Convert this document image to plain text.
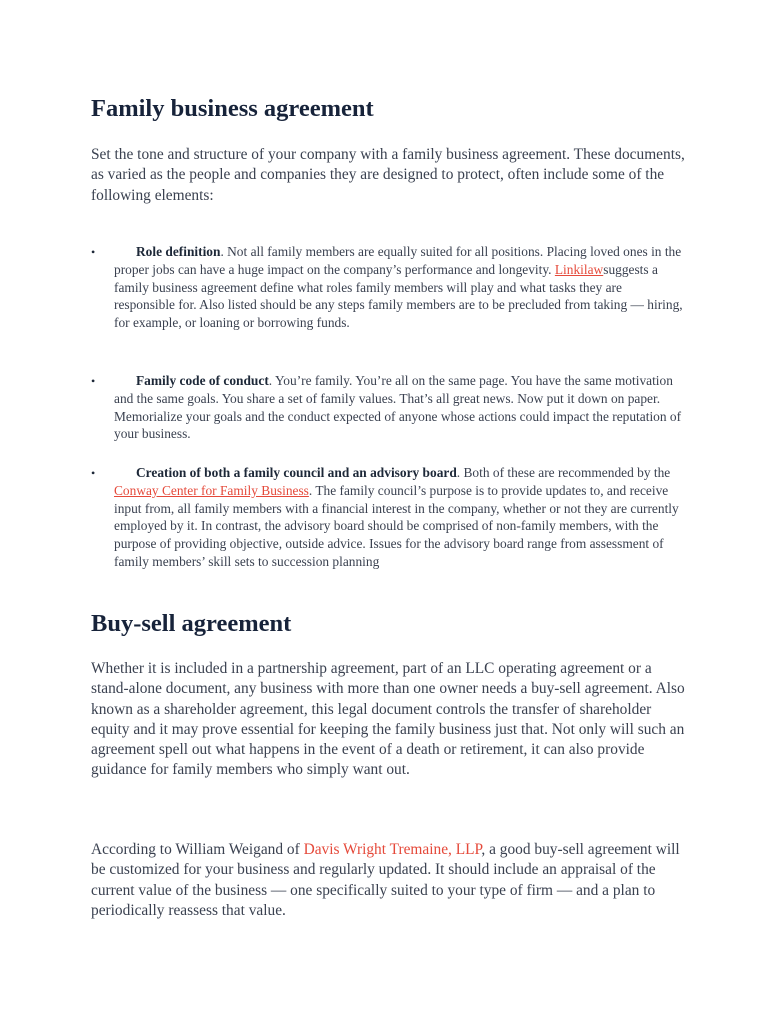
Family business agreement

Set the tone and structure of your company with a family business agreement. These documents, as varied as the people and companies they are designed to protect, often include some of the following elements:

•	Role definition. Not all family members are equally suited for all positions. Placing loved ones in the proper jobs can have a huge impact on the company’s performance and longevity. Linkilawsuggests a family business agreement define what roles family members will play and what tasks they are responsible for. Also listed should be any steps family members are to be precluded from taking — hiring, for example, or loaning or borrowing funds.

•	Family code of conduct. You’re family. You’re all on the same page. You have the same motivation and the same goals. You share a set of family values. That’s all great news. Now put it down on paper. Memorialize your goals and the conduct expected of anyone whose actions could impact the reputation of your business.

•	Creation of both a family council and an advisory board. Both of these are recommended by the Conway Center for Family Business. The family council’s purpose is to provide updates to, and receive input from, all family members with a financial interest in the company, whether or not they are currently employed by it. In contrast, the advisory board should be comprised of non-family members, with the purpose of providing objective, outside advice. Issues for the advisory board range from assessment of family members’ skill sets to succession planning

Buy-sell agreement

Whether it is included in a partnership agreement, part of an LLC operating agreement or a stand-alone document, any business with more than one owner needs a buy-sell agreement. Also known as a shareholder agreement, this legal document controls the transfer of shareholder equity and it may prove essential for keeping the family business just that. Not only will such an agreement spell out what happens in the event of a death or retirement, it can also provide guidance for family members who simply want out.

According to William Weigand of Davis Wright Tremaine, LLP, a good buy-sell agreement will be customized for your business and regularly updated. It should include an appraisal of the current value of the business — one specifically suited to your type of firm — and a plan to periodically reassess that value.
